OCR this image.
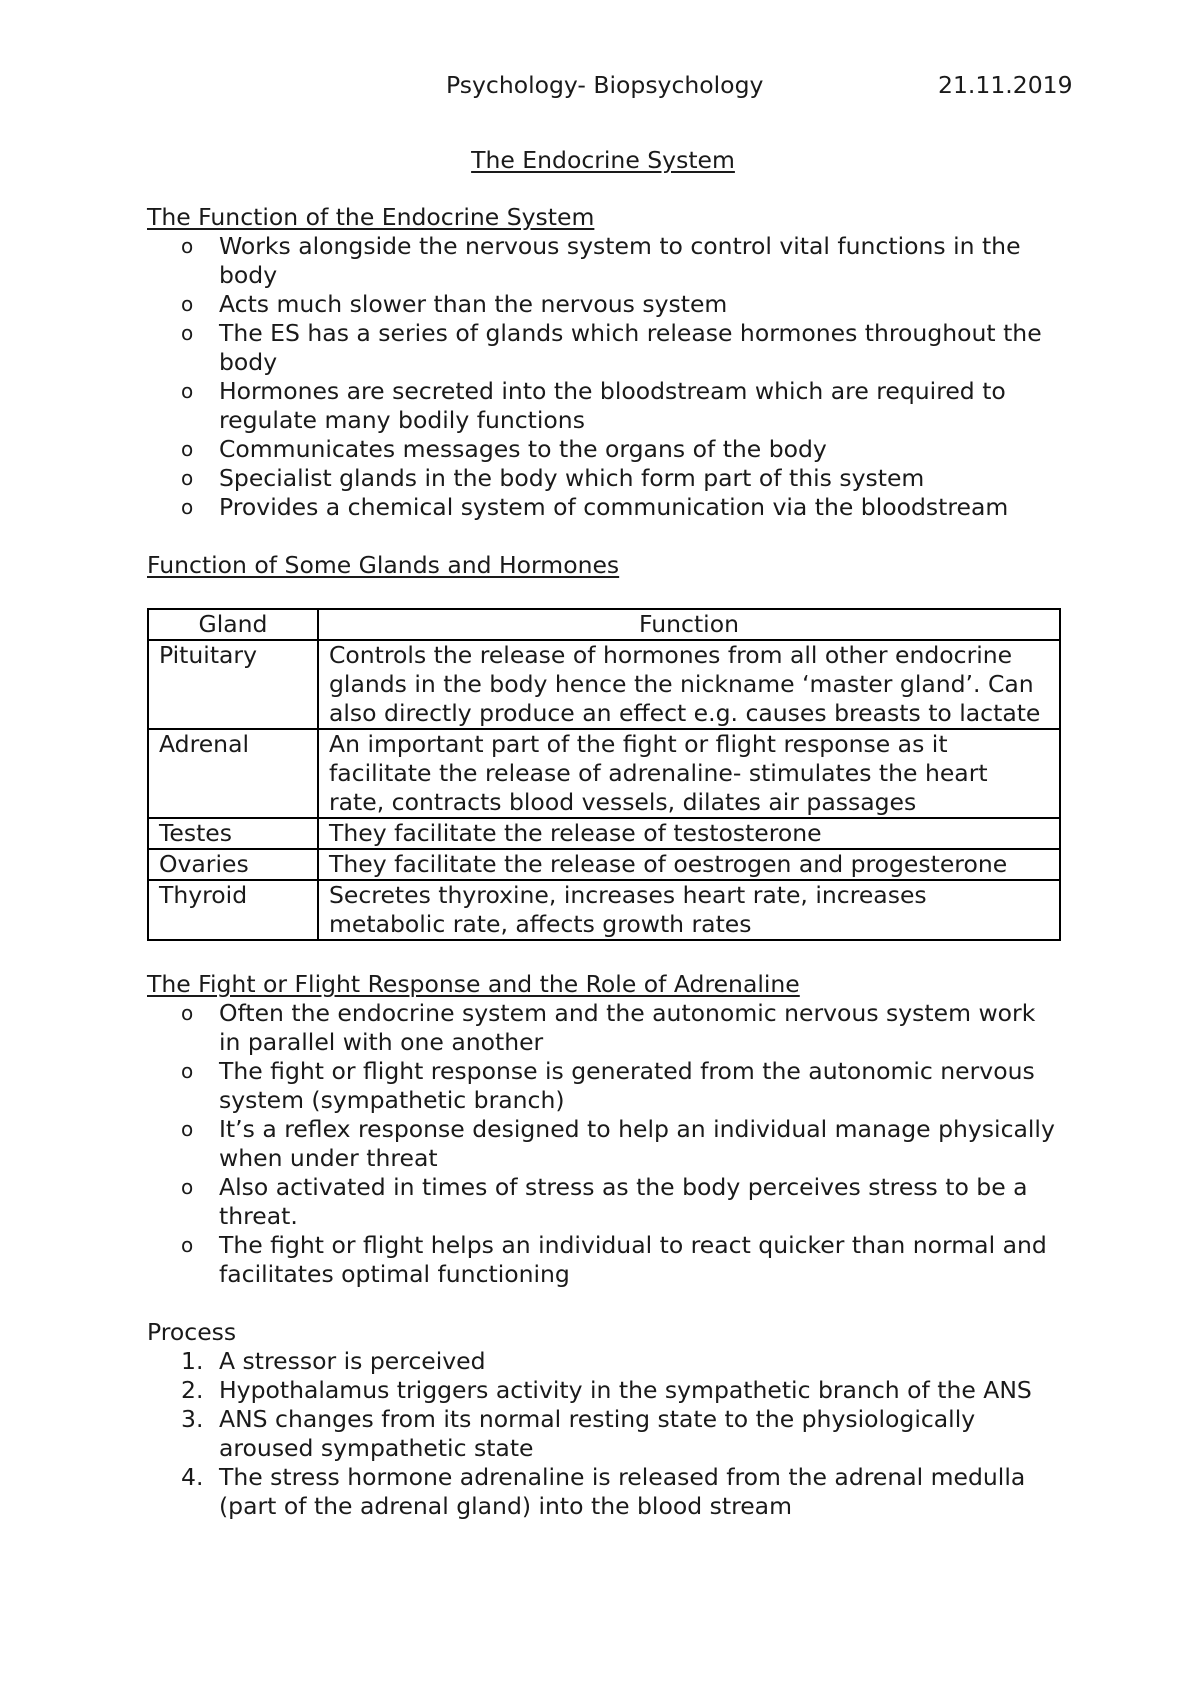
Psychology- Biopsychology	21.11.2019
The Endocrine System

The Function of the Endocrine System

o Works alongside the nervous system to control vital functions in the body
o Acts much slower than the nervous system
o The ES has a series of glands which release hormones throughout the body
o Hormones are secreted into the bloodstream which are required to regulate many bodily functions
o Communicates messages to the organs of the body
o Specialist glands in the body which form part of this system
o Provides a chemical system of communication via the bloodstream

Function of Some Glands and Hormones

Gland	Function
Pituitary	Controls the release of hormones from all other endocrine glands in the body hence the nickname ‘master gland’. Can also directly produce an effect e.g. causes breasts to lactate
Adrenal	An important part of the fight or flight response as it facilitate the release of adrenaline- stimulates the heart rate, contracts blood vessels, dilates air passages
Testes	They facilitate the release of testosterone
Ovaries	They facilitate the release of oestrogen and progesterone
Thyroid	Secretes thyroxine, increases heart rate, increases metabolic rate, affects growth rates

The Fight or Flight Response and the Role of Adrenaline

o Often the endocrine system and the autonomic nervous system work in parallel with one another
o The fight or flight response is generated from the autonomic nervous system (sympathetic branch)
o It’s a reflex response designed to help an individual manage physically when under threat
o Also activated in times of stress as the body perceives stress to be a threat.
o The fight or flight helps an individual to react quicker than normal and facilitates optimal functioning

Process

1. A stressor is perceived
2. Hypothalamus triggers activity in the sympathetic branch of the ANS
3. ANS changes from its normal resting state to the physiologically aroused sympathetic state
4. The stress hormone adrenaline is released from the adrenal medulla (part of the adrenal gland) into the blood stream
